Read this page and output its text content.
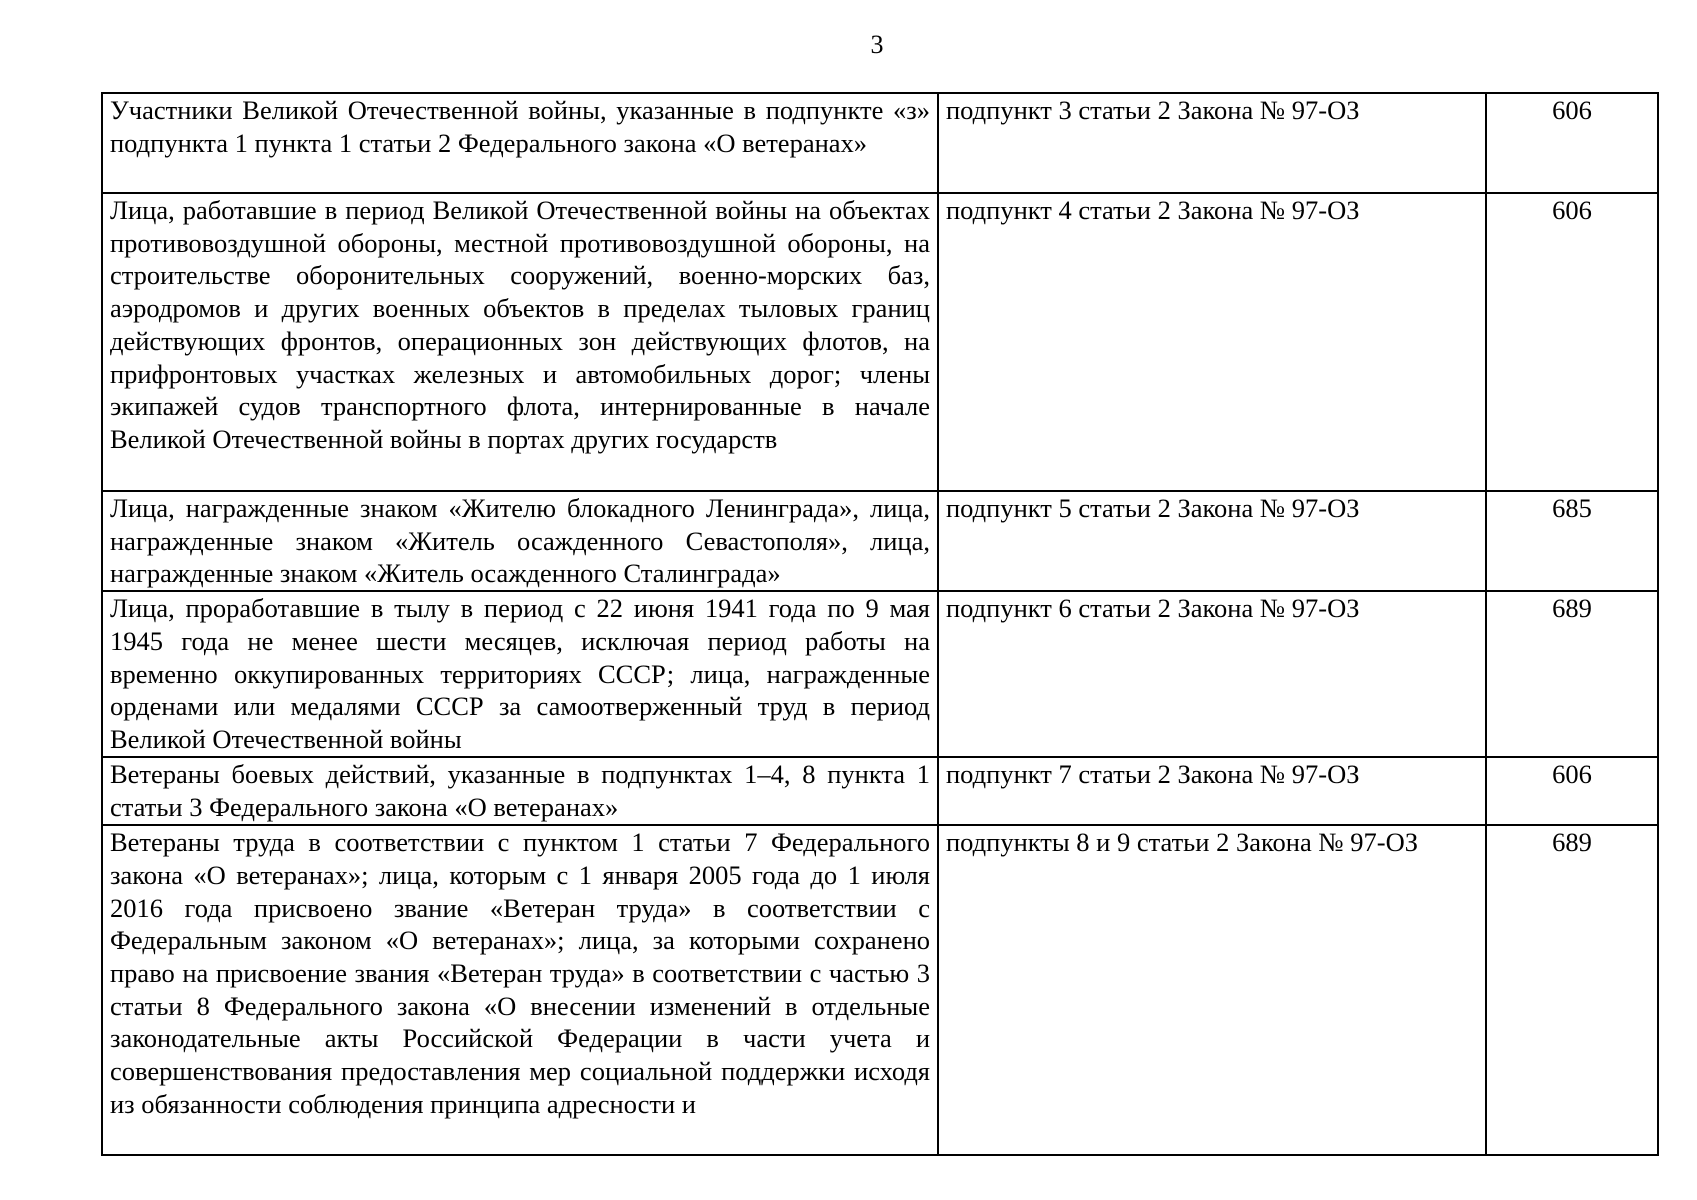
3
Участники Великой Отечественной войны, указанные в подпункте «з» подпункта 1 пункта 1 статьи 2 Федерального закона «О ветеранах»	подпункт 3 статьи 2 Закона № 97-ОЗ	606
Лица, работавшие в период Великой Отечественной войны на объектах противовоздушной обороны, местной противовоздушной обороны, на строительстве оборонительных сооружений, военно-морских баз, аэродромов и других военных объектов в пределах тыловых границ действующих фронтов, операционных зон действующих флотов, на прифронтовых участках железных и автомобильных дорог; члены экипажей судов транспортного флота, интернированные в начале Великой Отечественной войны в портах других государств	подпункт 4 статьи 2 Закона № 97-ОЗ	606
Лица, награжденные знаком «Жителю блокадного Ленинграда», лица, награжденные знаком «Житель осажденного Севастополя», лица, награжденные знаком «Житель осажденного Сталинграда»	подпункт 5 статьи 2 Закона № 97-ОЗ	685
Лица, проработавшие в тылу в период с 22 июня 1941 года по 9 мая 1945 года не менее шести месяцев, исключая период работы на временно оккупированных территориях СССР; лица, награжденные орденами или медалями СССР за самоотверженный труд в период Великой Отечественной войны	подпункт 6 статьи 2 Закона № 97-ОЗ	689
Ветераны боевых действий, указанные в подпунктах 1–4, 8 пункта 1 статьи 3 Федерального закона «О ветеранах»	подпункт 7 статьи 2 Закона № 97-ОЗ	606
Ветераны труда в соответствии с пунктом 1 статьи 7 Федерального закона «О ветеранах»; лица, которым с 1 января 2005 года до 1 июля 2016 года присвоено звание «Ветеран труда» в соответствии с Федеральным законом «О ветеранах»; лица, за которыми сохранено право на присвоение звания «Ветеран труда» в соответствии с частью 3 статьи 8 Федерального закона «О внесении изменений в отдельные законодательные акты Российской Федерации в части учета и совершенствования предоставления мер социальной поддержки исходя из обязанности соблюдения принципа адресности и	подпункты 8 и 9 статьи 2 Закона № 97-ОЗ	689
